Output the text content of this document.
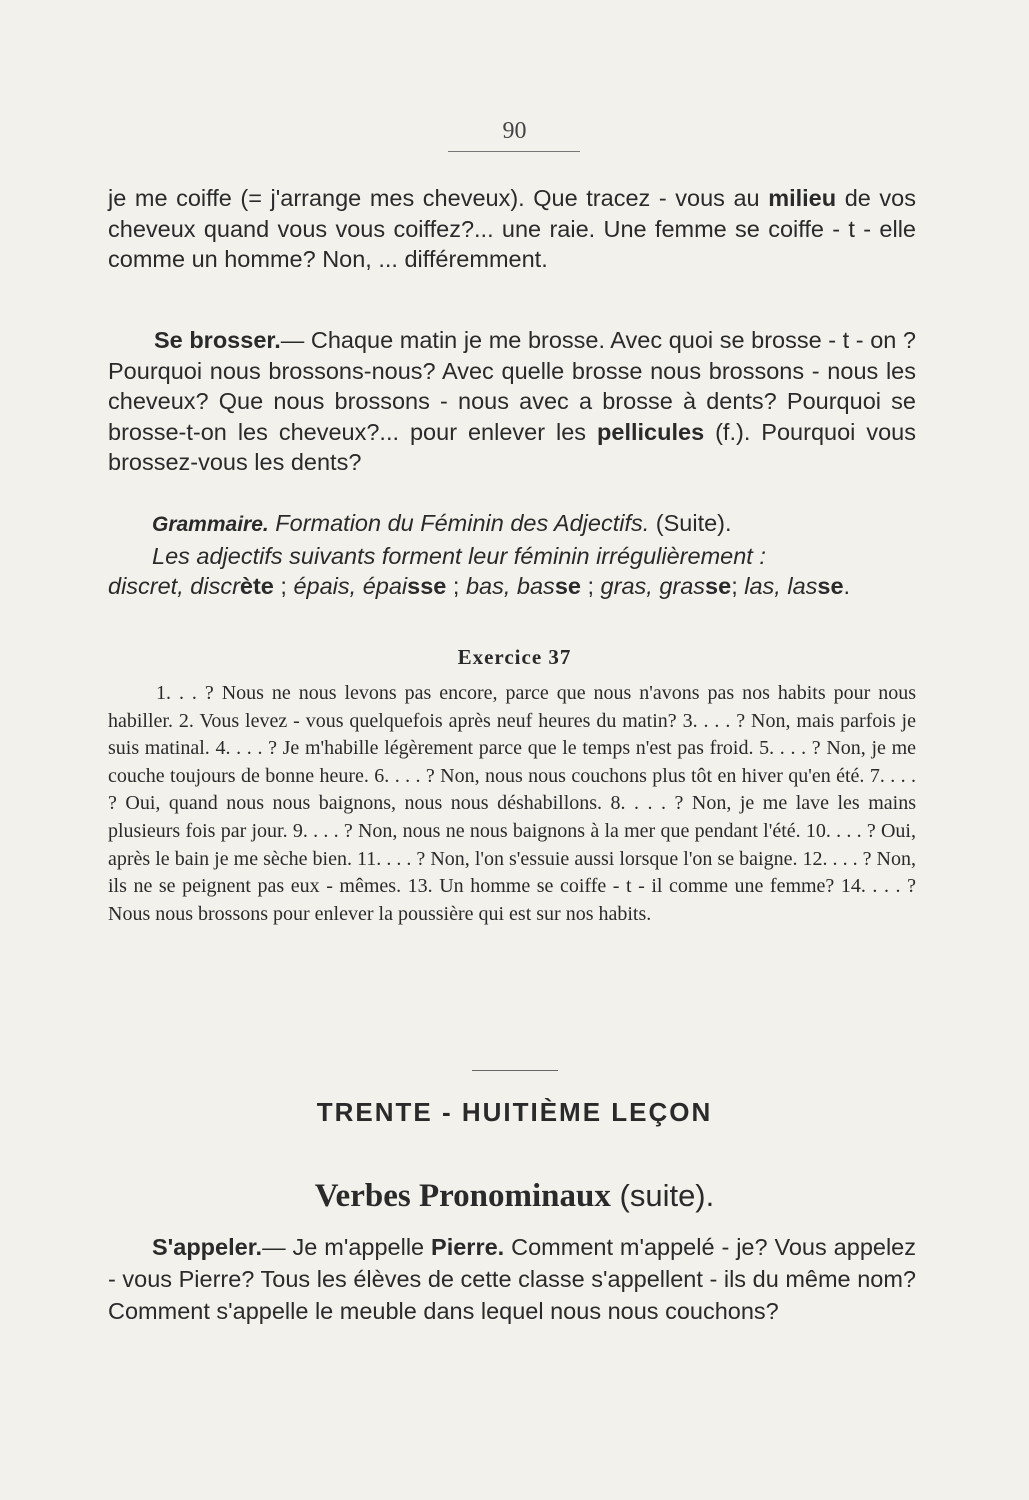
90

je me coiffe (= j'arrange mes cheveux). Que tracez - vous au milieu de vos cheveux quand vous vous coiffez?... une raie. Une femme se coiffe - t - elle comme un homme? Non, ... différemment.

Se brosser.— Chaque matin je me brosse. Avec quoi se brosse - t - on ? Pourquoi nous brossons-nous? Avec quelle brosse nous brossons - nous les cheveux? Que nous brossons - nous avec a brosse à dents? Pourquoi se brosse-t-on les cheveux?... pour enlever les pellicules (f.). Pourquoi vous brossez-vous les dents?

Grammaire. Formation du Féminin des Adjectifs. (Suite).

Les adjectifs suivants forment leur féminin irrégulièrement :

discret, discrète ; épais, épaisse ; bas, basse ; gras, grasse; las, lasse.

Exercice 37

1. . . ? Nous ne nous levons pas encore, parce que nous n'avons pas nos habits pour nous habiller. 2. Vous levez - vous quelquefois après neuf heures du matin? 3. . . . ? Non, mais parfois je suis matinal. 4. . . . ? Je m'habille légèrement parce que le temps n'est pas froid. 5. . . . ? Non, je me couche toujours de bonne heure. 6. . . . ? Non, nous nous couchons plus tôt en hiver qu'en été. 7. . . . ? Oui, quand nous nous baignons, nous nous déshabillons. 8. . . . ? Non, je me lave les mains plusieurs fois par jour. 9. . . . ? Non, nous ne nous baignons à la mer que pendant l'été. 10. . . . ? Oui, après le bain je me sèche bien. 11. . . . ? Non, l'on s'essuie aussi lorsque l'on se baigne. 12. . . . ? Non, ils ne se peignent pas eux - mêmes. 13. Un homme se coiffe - t - il comme une femme? 14. . . . ? Nous nous brossons pour enlever la poussière qui est sur nos habits.

TRENTE - HUITIÈME LEÇON
Verbes Pronominaux (suite).

S'appeler.— Je m'appelle Pierre. Comment m'appelé - je? Vous appelez - vous Pierre? Tous les élèves de cette classe s'appellent - ils du même nom? Comment s'appelle le meuble dans lequel nous nous couchons?
